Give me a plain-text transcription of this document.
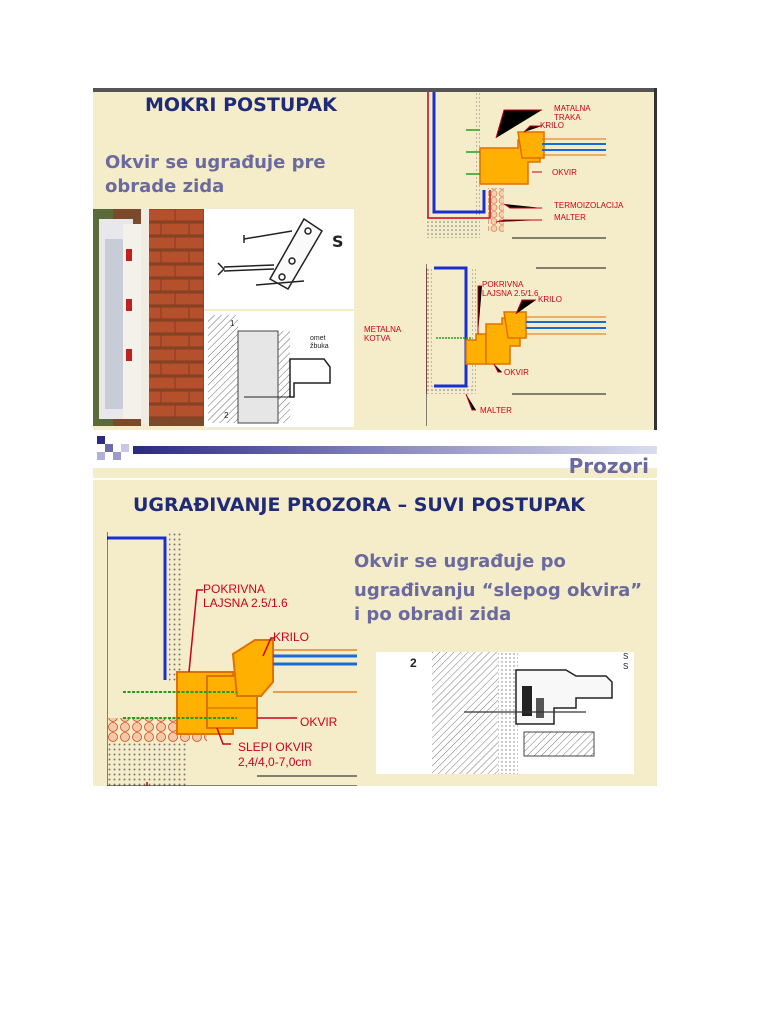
MOKRI POSTUPAK
Okvir se ugrađuje pre
obrade zida
S
1
omet
žbuka
2
MATALNA
TRAKA
KRILO
OKVIR
TERMOIZOLACIJA
MALTER
POKRIVNA
LAJSNA 2.5/1.6
KRILO
METALNA
KOTVA
OKVIR
MALTER
Prozori
UGRAĐIVANJE PROZORA – SUVI POSTUPAK
Okvir se ugrađuje po
ugrađivanju “slepog okvira”
i po obradi zida
POKRIVNA
LAJSNA 2.5/1.6
KRILO
OKVIR
SLEPI OKVIR
2,4/4,0-7,0cm
2	S
S
